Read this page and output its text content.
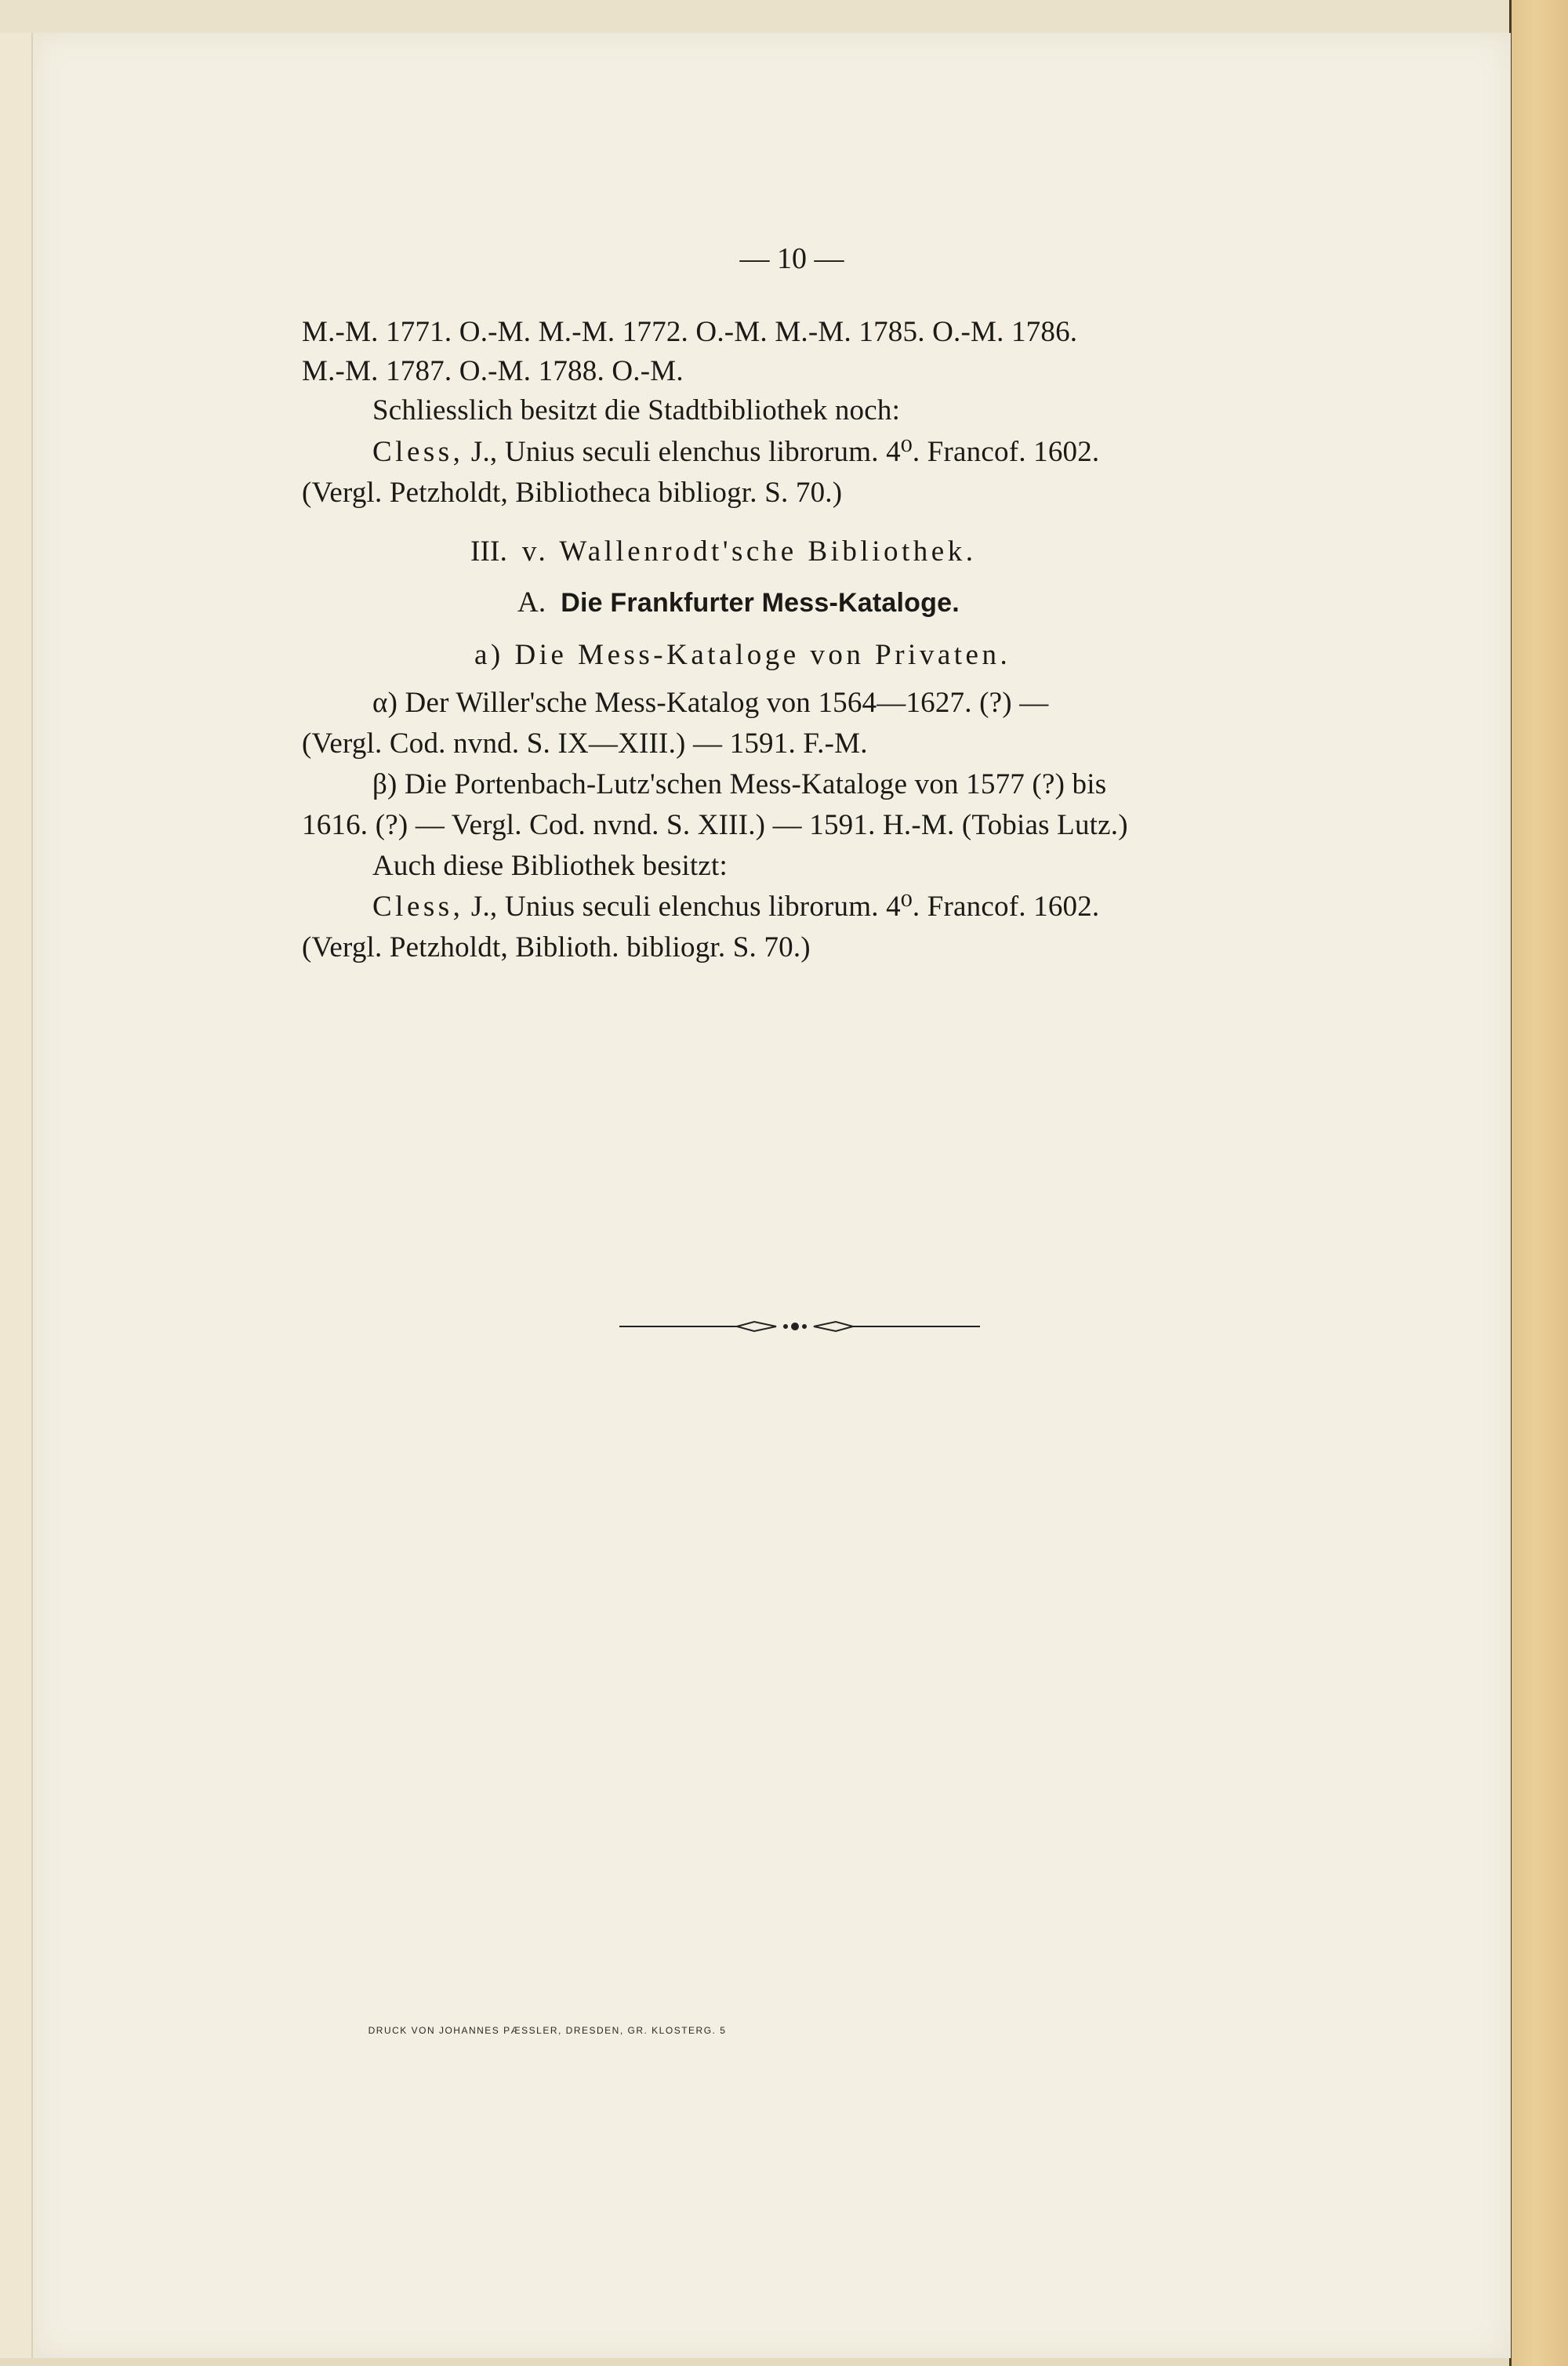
— 10 —
M.-M. 1771. O.-M. M.-M. 1772. O.-M. M.-M. 1785. O.-M. 1786.
M.-M. 1787. O.-M. 1788. O.-M.
Schliesslich besitzt die Stadtbibliothek noch:
Cless, J., Unius seculi elenchus librorum. 4⁰. Francof. 1602.
(Vergl. Petzholdt, Bibliotheca bibliogr. S. 70.)
III. v. Wallenrodt'sche Bibliothek.
A. Die Frankfurter Mess-Kataloge.
a) Die Mess-Kataloge von Privaten.
α) Der Willer'sche Mess-Katalog von 1564—1627. (?) —
(Vergl. Cod. nvnd. S. IX—XIII.) — 1591. F.-M.
β) Die Portenbach-Lutz'schen Mess-Kataloge von 1577 (?) bis
1616. (?) — Vergl. Cod. nvnd. S. XIII.) — 1591. H.-M. (Tobias Lutz.)
Auch diese Bibliothek besitzt:
Cless, J., Unius seculi elenchus librorum. 4⁰. Francof. 1602.
(Vergl. Petzholdt, Biblioth. bibliogr. S. 70.)
DRUCK VON JOHANNES PÆSSLER, DRESDEN, GR. KLOSTERG. 5
